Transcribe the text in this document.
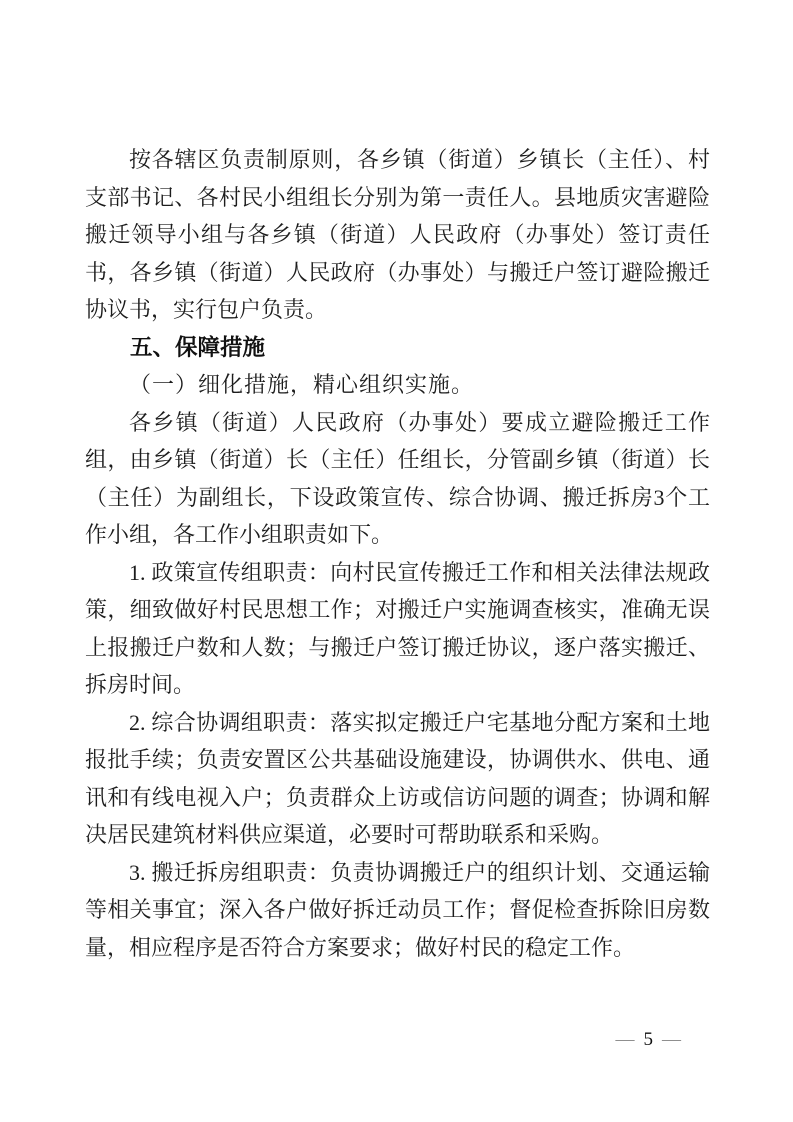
按各辖区负责制原则，各乡镇（街道）乡镇长（主任）、村支部书记、各村民小组组长分别为第一责任人。县地质灾害避险搬迁领导小组与各乡镇（街道）人民政府（办事处）签订责任书，各乡镇（街道）人民政府（办事处）与搬迁户签订避险搬迁协议书，实行包户负责。

五、保障措施

（一）细化措施，精心组织实施。

各乡镇（街道）人民政府（办事处）要成立避险搬迁工作组，由乡镇（街道）长（主任）任组长，分管副乡镇（街道）长（主任）为副组长，下设政策宣传、综合协调、搬迁拆房3个工作小组，各工作小组职责如下。

1. 政策宣传组职责：向村民宣传搬迁工作和相关法律法规政策，细致做好村民思想工作；对搬迁户实施调查核实，准确无误上报搬迁户数和人数；与搬迁户签订搬迁协议，逐户落实搬迁、拆房时间。

2. 综合协调组职责：落实拟定搬迁户宅基地分配方案和土地报批手续；负责安置区公共基础设施建设，协调供水、供电、通讯和有线电视入户；负责群众上访或信访问题的调查；协调和解决居民建筑材料供应渠道，必要时可帮助联系和采购。

3. 搬迁拆房组职责：负责协调搬迁户的组织计划、交通运输等相关事宜；深入各户做好拆迁动员工作；督促检查拆除旧房数量，相应程序是否符合方案要求；做好村民的稳定工作。

— 5 —
